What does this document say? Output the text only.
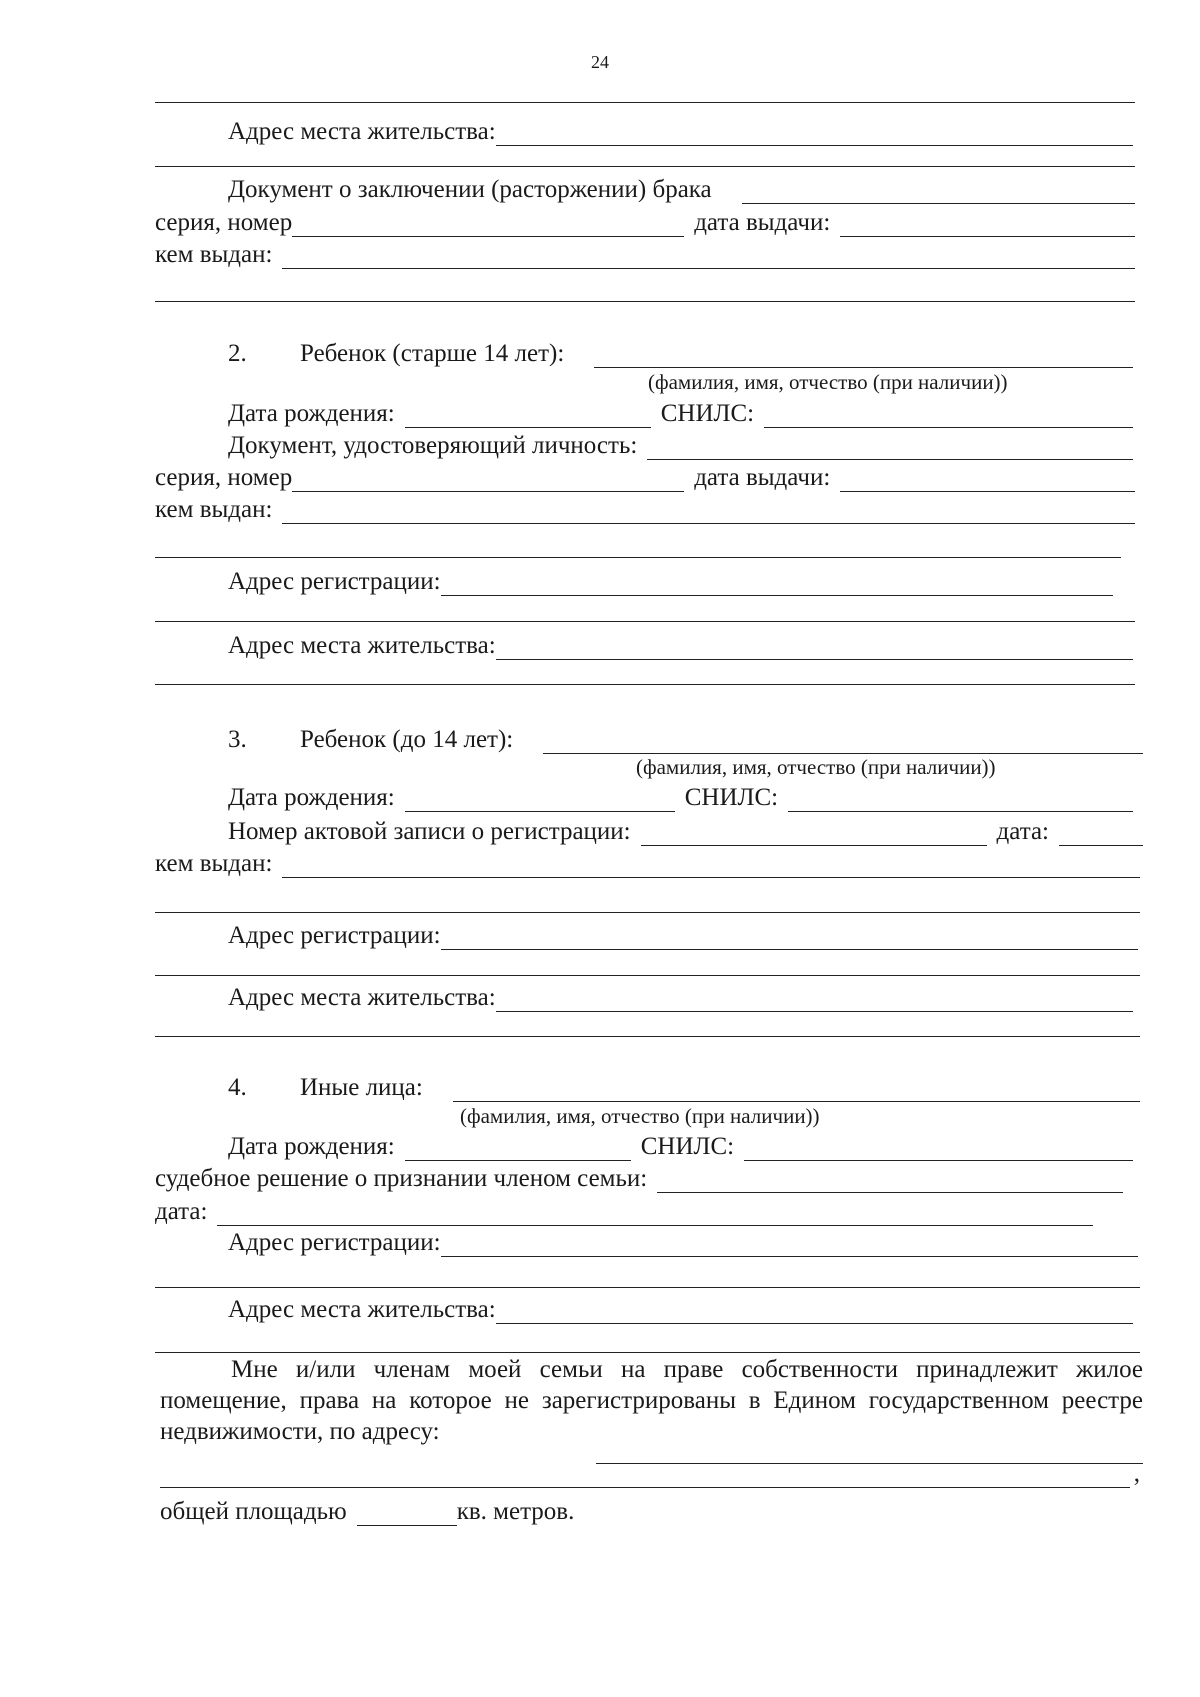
24
Адрес места жительства:
Документ о заключении (расторжении) брака
серия, номер	дата выдачи:
кем выдан:
2.	Ребенок (старше 14 лет):
(фамилия, имя, отчество (при наличии))
Дата рождения:	СНИЛС:
Документ, удостоверяющий личность:
серия, номер	дата выдачи:
кем выдан:
Адрес регистрации:
Адрес места жительства:
3.	Ребенок (до 14 лет):
(фамилия, имя, отчество (при наличии))
Дата рождения:	СНИЛС:
Номер актовой записи о регистрации:	дата:
кем выдан:
Адрес регистрации:
Адрес места жительства:
4.	Иные лица:
(фамилия, имя, отчество (при наличии))
Дата рождения:	СНИЛС:
судебное решение о признании членом семьи:
дата:
Адрес регистрации:
Адрес места жительства:
Мне и/или членам моей семьи на праве собственности принадлежит жилое помещение, права на которое не зарегистрированы в Едином государственном реестре недвижимости, по адресу:
,
общей площадью	кв. метров.
